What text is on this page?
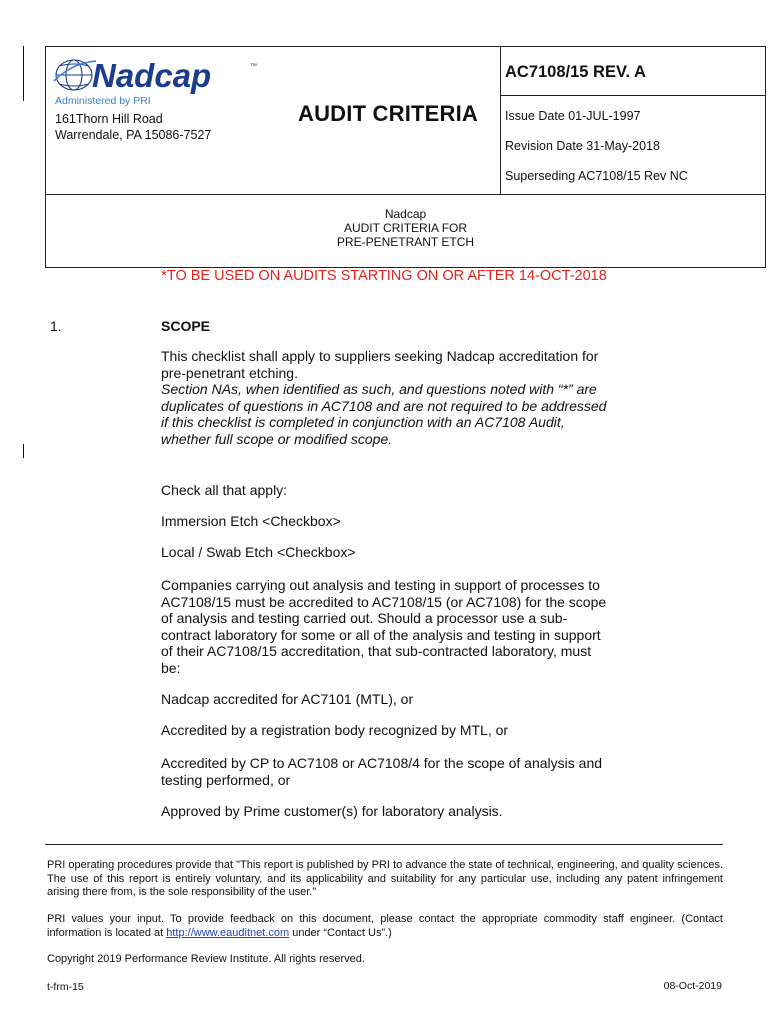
Nadcap	™
Administered by PRI
161Thorn Hill Road
Warrendale, PA 15086-7527
AUDIT CRITERIA
AC7108/15 REV. A
Issue Date 01-JUL-1997
Revision Date 31-May-2018
Superseding AC7108/15 Rev NC
Nadcap
AUDIT CRITERIA FOR
PRE-PENETRANT ETCH
*TO BE USED ON AUDITS STARTING ON OR AFTER 14-OCT-2018
1.	SCOPE

This checklist shall apply to suppliers seeking Nadcap accreditation for pre-penetrant etching.

Section NAs, when identified as such, and questions noted with “*” are duplicates of questions in AC7108 and are not required to be addressed if this checklist is completed in conjunction with an AC7108 Audit, whether full scope or modified scope.

Check all that apply:

Immersion Etch <Checkbox>

Local / Swab Etch <Checkbox>

Companies carrying out analysis and testing in support of processes to AC7108/15 must be accredited to AC7108/15 (or AC7108) for the scope of analysis and testing carried out. Should a processor use a sub-contract laboratory for some or all of the analysis and testing in support of their AC7108/15 accreditation, that sub-contracted laboratory, must be:

Nadcap accredited for AC7101 (MTL), or

Accredited by a registration body recognized by MTL, or

Accredited by CP to AC7108 or AC7108/4 for the scope of analysis and testing performed, or

Approved by Prime customer(s) for laboratory analysis.

PRI operating procedures provide that "This report is published by PRI to advance the state of technical, engineering, and quality sciences. The use of this report is entirely voluntary, and its applicability and suitability for any particular use, including any patent infringement arising there from, is the sole responsibility of the user."

PRI values your input. To provide feedback on this document, please contact the appropriate commodity staff engineer. (Contact information is located at http://www.eauditnet.com under “Contact Us”.)

Copyright 2019 Performance Review Institute. All rights reserved.

t-frm-15	08-Oct-2019
